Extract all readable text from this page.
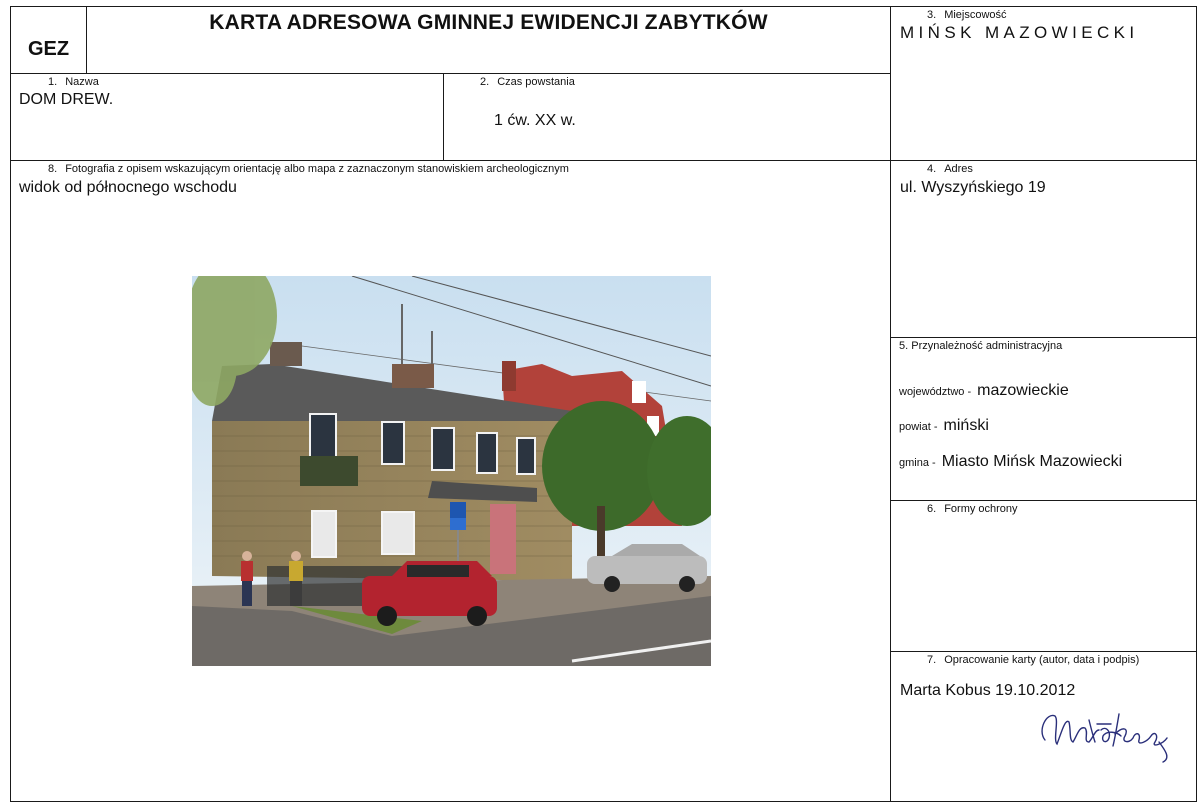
GEZ
KARTA ADRESOWA GMINNEJ EWIDENCJI ZABYTKÓW	3. Miejscowość
MIŃSK MAZOWIECKI
1. Nazwa
DOM DREW.
2. Czas powstania
1 ćw. XX w.
8. Fotografia z opisem wskazującym orientację albo mapa z zaznaczonym stanowiskiem archeologicznym
widok od północnego wschodu
4. Adres
ul. Wyszyńskiego 19
5. Przynależność administracyjna
województwo - mazowieckie
powiat - miński
gmina - Miasto Mińsk Mazowiecki
6. Formy ochrony
7. Opracowanie karty (autor, data i podpis)
Marta Kobus 19.10.2012
